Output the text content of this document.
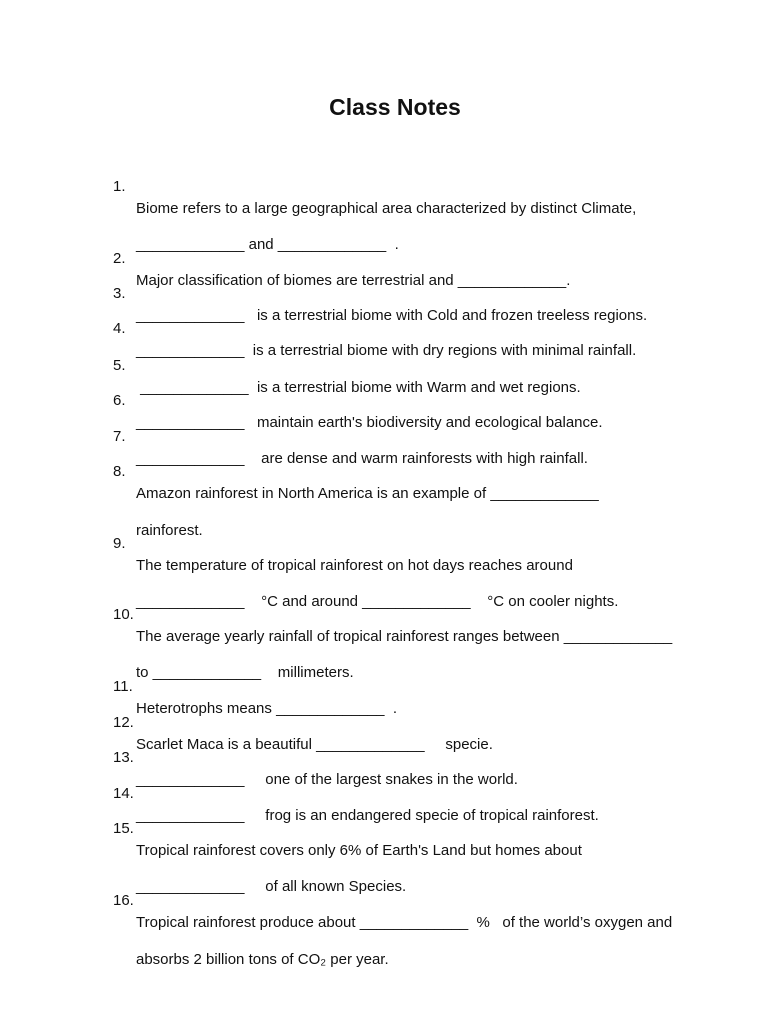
Class Notes

1.

Biome refers to a large geographical area characterized by distinct Climate,

_____________ and _____________  .

2.

Major classification of biomes are terrestrial and _____________.

3.

_____________   is a terrestrial biome with Cold and frozen treeless regions.

4.

_____________  is a terrestrial biome with dry regions with minimal rainfall.

5.

_____________  is a terrestrial biome with Warm and wet regions.

6.

_____________   maintain earth's biodiversity and ecological balance.

7.

_____________    are dense and warm rainforests with high rainfall.

8.

Amazon rainforest in North America is an example of _____________

rainforest.

9.

The temperature of tropical rainforest on hot days reaches around

_____________    °C and around _____________    °C on cooler nights.

10.

The average yearly rainfall of tropical rainforest ranges between _____________

to _____________    millimeters.

11.

Heterotrophs means _____________  .

12.

Scarlet Maca is a beautiful _____________     specie.

13.

_____________     one of the largest snakes in the world.

14.

_____________     frog is an endangered specie of tropical rainforest.

15.

Tropical rainforest covers only 6% of Earth's Land but homes about

_____________     of all known Species.

16.

Tropical rainforest produce about _____________  %   of the world’s oxygen and

absorbs 2 billion tons of CO₂ per year.
